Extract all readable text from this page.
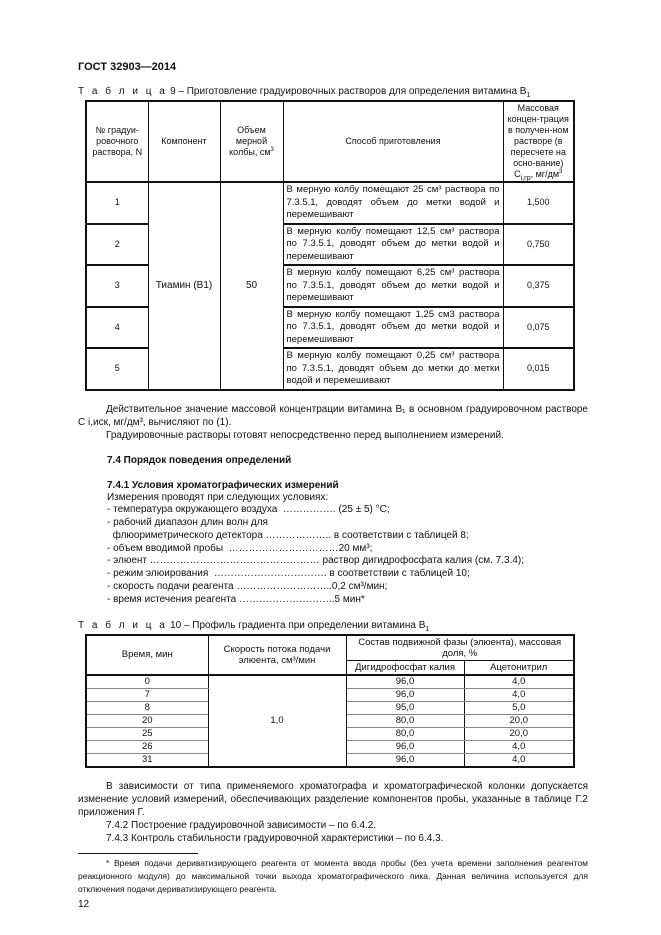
ГОСТ 32903—2014
Т а б л и ц а 9 – Приготовление градуировочных растворов для определения витамина $В_1$
№ градуи-ровочного раствора, N	Компонент	Объем мерной колбы, $см^3$	Способ приготовления	Массовая концен-трация в получен-ном растворе (в пересчете на осно-вание) $C_{i,гр}$, $мг/дм^3$
1	Тиамин (В1)	50	В мерную колбу помещают 25 см³ раствора по 7.3.5.1, доводят объем до метки водой и перемешивают	1,500
2			В мерную колбу помещают 12,5 см³ раствора по 7.3.5.1, доводят объем до метки водой и перемешивают	0,750
3			В мерную колбу помещают 6,25 см³ раствора по 7.3.5.1, доводят объем до метки водой и перемешивают	0,375
4			В мерную колбу помещают 1,25 см3 раствора по 7.3.5.1, доводят объем до метки водой и перемешивают	0,075
5			В мерную колбу помещают 0,25 см³ раствора по 7.3.5.1, доводят объем до метки до метки водой и перемешивают	0,015
Действительное значение массовой концентрации витамина В₁ в основном градуировочном растворе C i,иск, мг/дм³, вычисляют по (1).
Градуировочные растворы готовят непосредственно перед выполнением измерений.
7.4 Порядок поведения определений
7.4.1 Условия хроматографических измерений
Измерения проводят при следующих условиях:
- температура окружающего воздуха  ……………. (25 ± 5) °С;
- рабочий диапазон длин волн для
флюориметрического детектора ……………….. в соответствии с таблицей 8;
- объем вводимой пробы  ……………………………20 мм³;
- элюент …………………………………………… раствор дигидрофосфата калия (см. 7.3.4);
- режим элюирования  ……………………………. в соответствии с таблицей 10;
- скорость подачи реагента ………………………..0,2 см³/мин;
- время истечения реагента ………………………..5 мин*
Т а б л и ц а 10 – Профиль градиента при определении витамина $В_1$
Время, мин	Скорость потока подачи элюента, см³/мин	Состав подвижной фазы (элюента), массовая доля, %	
		Дигидрофосфат калия	Ацетонитрил
0	1,0	96,0	4,0
7		96,0	4,0
8		95,0	5,0
20		80,0	20,0
25		80,0	20,0
26		96,0	4,0
31		96,0	4,0
В зависимости от типа применяемого хроматографа и хроматографической колонки допускается изменение условий измерений, обеспечивающих разделение компонентов пробы, указанные в таблице Г.2 приложения Г.
7.4.2 Построение градуировочной зависимости – по 6.4.2.
7.4.3 Контроль стабильности градуировочной характеристики – по 6.4.3.
* Время подачи дериватизирующего реагента от момента ввода пробы (без учета времени заполнения реагентом реакционного модуля) до максимальной точки выхода хроматографического пика. Данная величина используется для отключения подачи дериватизирующего реагента.
12
